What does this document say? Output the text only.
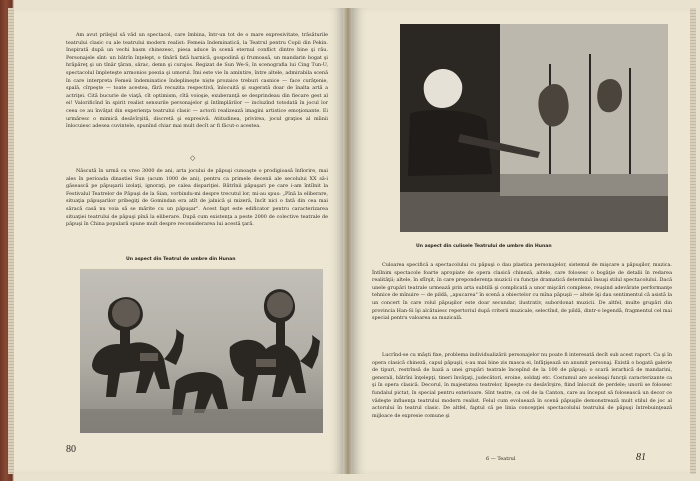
Am avut prilejul să văd un spectacol, care îmbina, într-un tot de o mare expresivitate, trăsăturile teatrului clasic cu ale teatrului modern realist: Femeia îndeminatică, la Teatrul pentru Copii din Pekin. Inspirată după un vechi basm chinezesc, piesa aduce în scenă eternul conflict dintre bine şi rău. Personajele sînt: un bătrîn înţelept, o tînără fată harnică, gospodină şi frumoasă, un mandarin bogat şi hrăpăreţ şi un tînăr ţăran, sărac, demn şi curajos. Regizat de Sun We-S, în scenografia lui Cing Tun-U, spectacolul împleteşte armonios poezia şi umorul. Îmi este vie în amintire, între altele, admirabila scenă în care interpreta Femeii îndeminatice îndeplineşte niște prozaice treburi casnice — face curăţenie, spală, cîrpeşte — toate acestea, fără recuzita respectivă, înlocuită şi sugerată doar de înalta artă a actriţei. Cită bucurie de viaţă, cît optimism, cîtă voioşie, exuberanţă se desprindeau din fiecare gest al ei! Valorificînd în spirit realist sensurile personajelor şi întîmplărilor — incluzînd totodată în jocul lor ceea ce au învăţat din experienţa teatrului clasic — actorii realizează imagini artistice emoţionante. Ei urmăresc o mimică desăvîrşită, discretă şi expresivă. Atitudinea, privirea, jocul graţios al mîinii înlocuiesc adesea cuvintele, spunînd chiar mai mult decît ar fi făcut-o acestea.

◇

Născută în urmă cu vreo 3000 de ani, arta jocului de păpuşi cunoaşte o prodigioasă înflorire, mai ales în perioada dinastiei Sun (acum 1000 de ani), pentru ca primele decenii ale secolului XX să-i găsească pe păpuşarii izolaţi, ignoraţi, pe calea dispariţiei. Bătrînii păpuşari pe care i-am întîlnit la Festivalul Teatrelor de Păpuşi de la Sian, vorbindu-mi despre trecutul lor, mi-au spus: „Pînă la eliberare, situaţia păpuşarilor pribegiţi de Gomindan era atît de jalnică şi mizeră, încît nici o fată din cea mai săracă casă nu voia să se mărite cu un păpuşar". Acest fapt este edificator pentru caracterizarea situaţiei teatrului de păpuşi pînă la eliberare. După cum existenţa a peste 2000 de colective teatrale de păpuşi în China populară spune mult despre reconsiderarea lui acestă ţară.

Un aspect din Teatrul de umbre din Hunan
80
Un aspect din culisele Teatrului de umbre din Hunan

Culoarea specifică a spectacolului cu păpuşi o dau plastica personajelor, sistemul de mişcare a păpuşilor, muzica. Întîlnim spectacole foarte apropiate de opera clasică chineză, altele, care folosesc o bogăţie de detalii în redarea realităţii; altele, în sfîrşit, în care preponderenţa muzicii cu funcţie dramatică determină însuşi stilul spectacolului. Dacă unele grupări teatrale urmează prin arta subtilă şi complicată a unor mişcări complexe, reuşind adevărate performanţe tehnice de mînuire — de pildă, „apucarea" în scenă a obiectelor cu mîna păpuşii — altele îşi dau sentimentul că asistă la un concert în care rolul păpuşilor este doar secundar, ilustrativ, subordonat muzicii. De altfel, multe grupări din provincia Han-Si îşi alcătuiesc repertoriul după criterii muzicale, selectînd, de pildă, dintr-o legendă, fragmentul cel mai special pentru valoarea sa muzicală.

Lucrînd-se cu măşti fixe, problema individualizării personajelor nu poate fi interesată decît sub acest raport. Ca şi în opera clasică chineză, capul păpuşii, s-au mai bine zis masca ei, înfăţişează un anumit personaj. Există o bogată galerie de tipuri, restrînsă de bază a unei grupări teatrale începînd de la 100 de păpuşi; o scară ierarhică de mandarini, generali, bătrîni înţelepţi, tineri învăţaţi, judecători, eroine, soldaţi etc. Costumul are aceleaşi funcţii caracterizante ca şi în opera clasică. Decorul, în majestatea teatrelor, lipseşte cu desăvîrşire, fiind înlocuit de perdele; unorii se folosesc fundalul pictat, în special pentru exterioare. Sînt teatre, ca cel de la Canton, care au început să folosească un decor ce vădeşte influenţa teatrului modern realist. Felul cum evoluează în scenă păpuşile demonstrează mult stilul de joc al actorului în teatrul clasic. De altfel, faptul că pe linia concepţiei spectacolului teatrului de păpuşi întrebuinţează mijloace de expresie comune şi

6 — Teatrul	81
